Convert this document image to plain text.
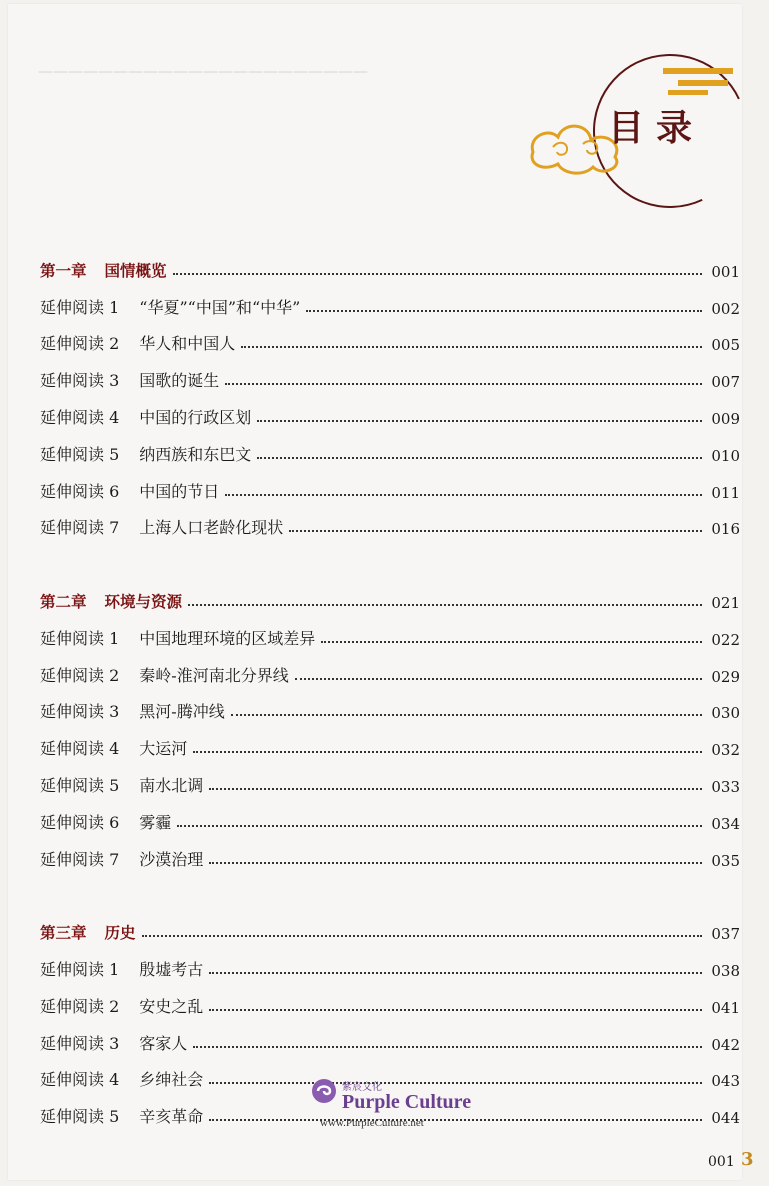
——————————————————————
目录
第一章 国情概览	001
延伸阅读 1 “华夏”“中国”和“中华”	002
延伸阅读 2 华人和中国人	005
延伸阅读 3 国歌的诞生	007
延伸阅读 4 中国的行政区划	009
延伸阅读 5 纳西族和东巴文	010
延伸阅读 6 中国的节日	011
延伸阅读 7 上海人口老龄化现状	016
第二章 环境与资源	021
延伸阅读 1 中国地理环境的区域差异	022
延伸阅读 2 秦岭-淮河南北分界线	029
延伸阅读 3 黑河-腾冲线	030
延伸阅读 4 大运河	032
延伸阅读 5 南水北调	033
延伸阅读 6 雾霾	034
延伸阅读 7 沙漠治理	035
第三章 历史	037
延伸阅读 1 殷墟考古	038
延伸阅读 2 安史之乱	041
延伸阅读 3 客家人	042
延伸阅读 4 乡绅社会	043
延伸阅读 5 辛亥革命	044
紫宸文化
Purple Culture
www.PurpleCulture.net
001 3
